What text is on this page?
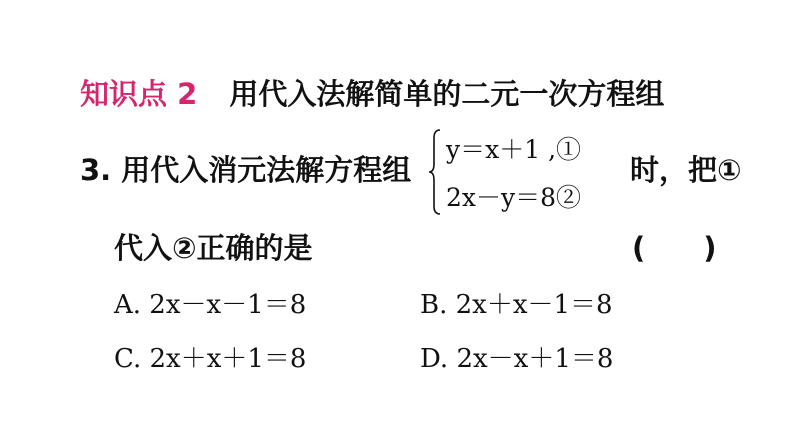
知识点 2 用代入法解简单的二元一次方程组
3. 用代入消元法解方程组
y＝x＋1 ,①
2x－y＝8②
时，把①
代入②正确的是	(　　)
A. 2x－x－1＝8	B. 2x＋x－1＝8
C. 2x＋x＋1＝8	D. 2x－x＋1＝8
